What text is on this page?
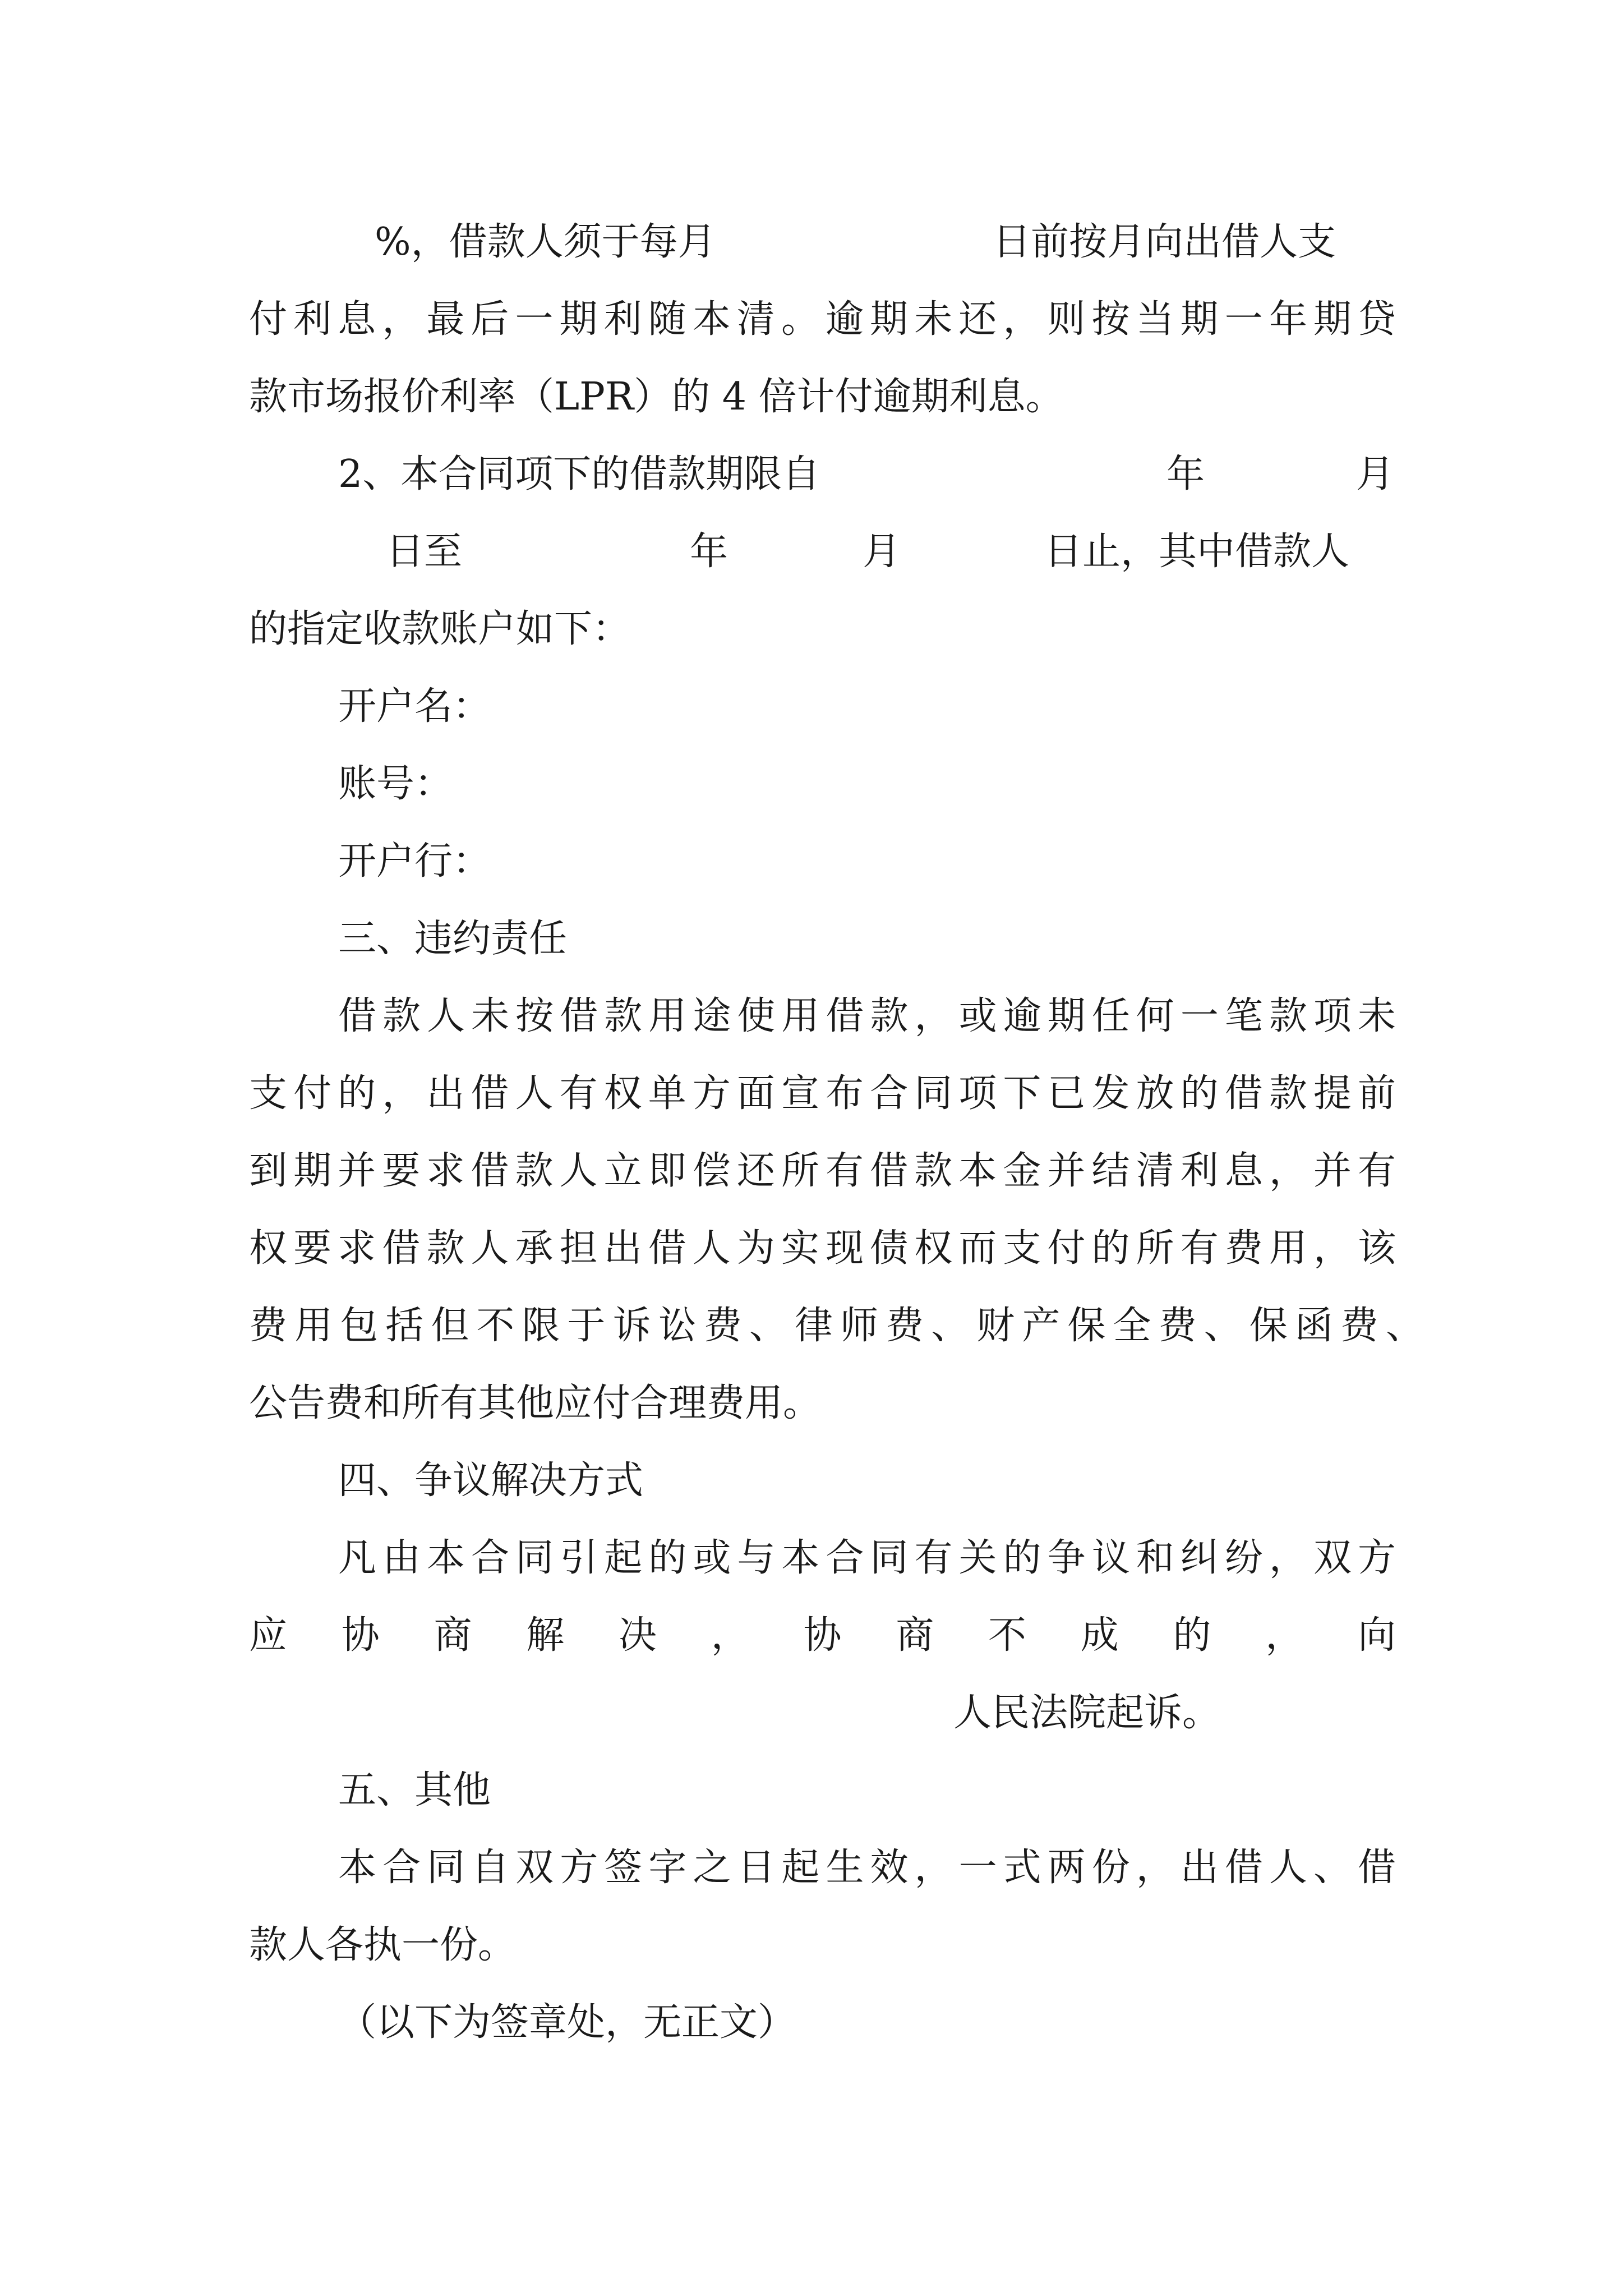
%，借款人须于每月	日前按月向出借人支
付利息，最后一期利随本清。逾期未还，则按当期一年期贷
款市场报价利率（LPR）的 4 倍计付逾期利息。
2、本合同项下的借款期限自	年	月
日至	年	月	日止，其中借款人
的指定收款账户如下：
开户名：
账号：
开户行：
三、违约责任
借款人未按借款用途使用借款，或逾期任何一笔款项未
支付的，出借人有权单方面宣布合同项下已发放的借款提前
到期并要求借款人立即偿还所有借款本金并结清利息，并有
权要求借款人承担出借人为实现债权而支付的所有费用，该
费用包括但不限于诉讼费、律师费、财产保全费、保函费、
公告费和所有其他应付合理费用。
四、争议解决方式
凡由本合同引起的或与本合同有关的争议和纠纷，双方
应 协 商 解 决 ， 协 商 不 成 的 ， 向
人民法院起诉。
五、其他
本合同自双方签字之日起生效，一式两份，出借人、借
款人各执一份。
（以下为签章处，无正文）
